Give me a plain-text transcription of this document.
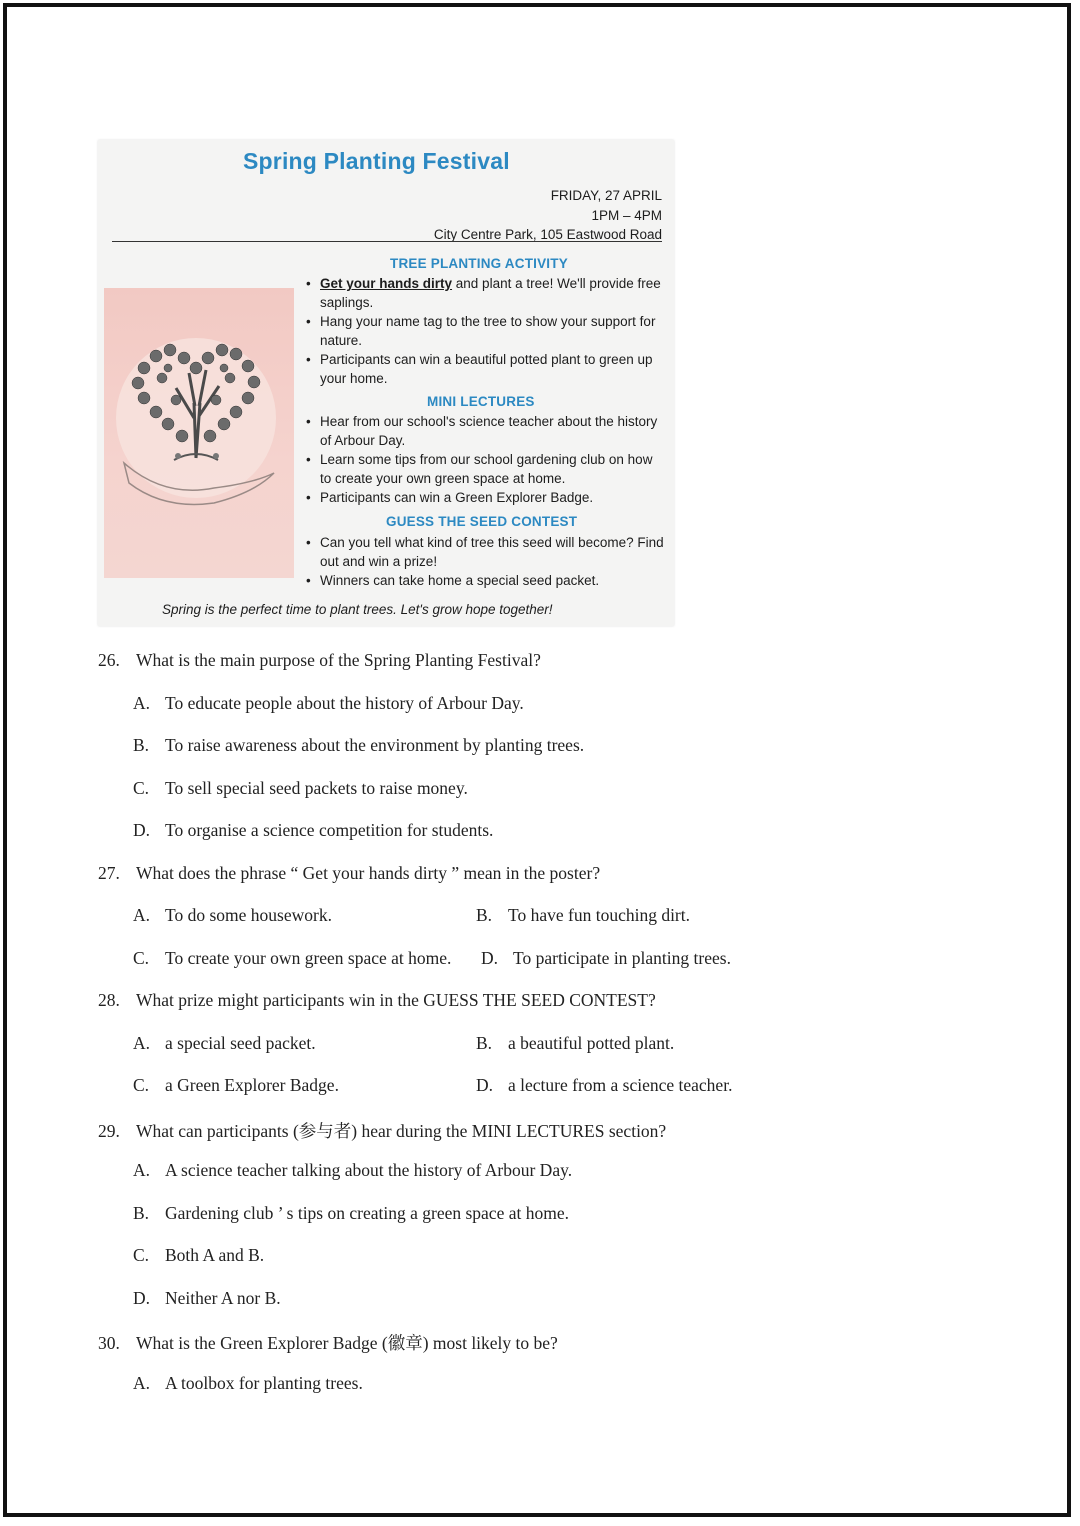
Spring Planting Festival
FRIDAY, 27 APRIL
1PM – 4PM
City Centre Park, 105 Eastwood Road
TREE PLANTING ACTIVITY
• Get your hands dirty and plant a tree! We'll provide free saplings.
• Hang your name tag to the tree to show your support for nature.
• Participants can win a beautiful potted plant to green up your home.
MINI LECTURES
• Hear from our school's science teacher about the history of Arbour Day.
• Learn some tips from our school gardening club on how to create your own green space at home.
• Participants can win a Green Explorer Badge.
GUESS THE SEED CONTEST
• Can you tell what kind of tree this seed will become? Find out and win a prize!
• Winners can take home a special seed packet.
Spring is the perfect time to plant trees. Let's grow hope together!
26. What is the main purpose of the Spring Planting Festival?
A. To educate people about the history of Arbour Day.
B. To raise awareness about the environment by planting trees.
C. To sell special seed packets to raise money.
D. To organise a science competition for students.
27. What does the phrase “ Get your hands dirty ” mean in the poster?
A. To do some housework.	B. To have fun touching dirt.
C. To create your own green space at home. D. To participate in planting trees.
28. What prize might participants win in the GUESS THE SEED CONTEST?
A. a special seed packet.	B. a beautiful potted plant.
C. a Green Explorer Badge.	D. a lecture from a science teacher.
29. What can participants (参与者) hear during the MINI LECTURES section?
A. A science teacher talking about the history of Arbour Day.
B. Gardening club ’ s tips on creating a green space at home.
C. Both A and B.
D. Neither A nor B.
30. What is the Green Explorer Badge (徽章) most likely to be?
A. A toolbox for planting trees.
